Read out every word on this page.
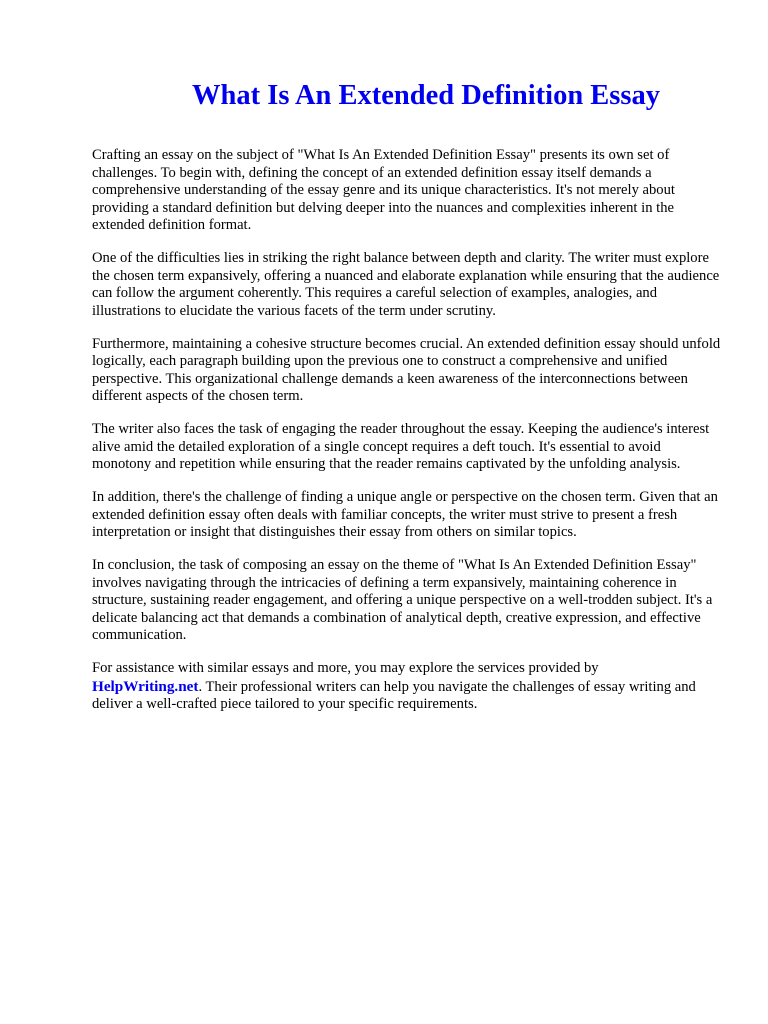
What Is An Extended Definition Essay

Crafting an essay on the subject of "What Is An Extended Definition Essay" presents its own set of challenges. To begin with, defining the concept of an extended definition essay itself demands a comprehensive understanding of the essay genre and its unique characteristics. It's not merely about providing a standard definition but delving deeper into the nuances and complexities inherent in the extended definition format.

One of the difficulties lies in striking the right balance between depth and clarity. The writer must explore the chosen term expansively, offering a nuanced and elaborate explanation while ensuring that the audience can follow the argument coherently. This requires a careful selection of examples, analogies, and illustrations to elucidate the various facets of the term under scrutiny.

Furthermore, maintaining a cohesive structure becomes crucial. An extended definition essay should unfold logically, each paragraph building upon the previous one to construct a comprehensive and unified perspective. This organizational challenge demands a keen awareness of the interconnections between different aspects of the chosen term.

The writer also faces the task of engaging the reader throughout the essay. Keeping the audience's interest alive amid the detailed exploration of a single concept requires a deft touch. It's essential to avoid monotony and repetition while ensuring that the reader remains captivated by the unfolding analysis.

In addition, there's the challenge of finding a unique angle or perspective on the chosen term. Given that an extended definition essay often deals with familiar concepts, the writer must strive to present a fresh interpretation or insight that distinguishes their essay from others on similar topics.

In conclusion, the task of composing an essay on the theme of "What Is An Extended Definition Essay" involves navigating through the intricacies of defining a term expansively, maintaining coherence in structure, sustaining reader engagement, and offering a unique perspective on a well-trodden subject. It's a delicate balancing act that demands a combination of analytical depth, creative expression, and effective communication.

For assistance with similar essays and more, you may explore the services provided by
HelpWriting.net. Their professional writers can help you navigate the challenges of essay writing and deliver a well-crafted piece tailored to your specific requirements.
